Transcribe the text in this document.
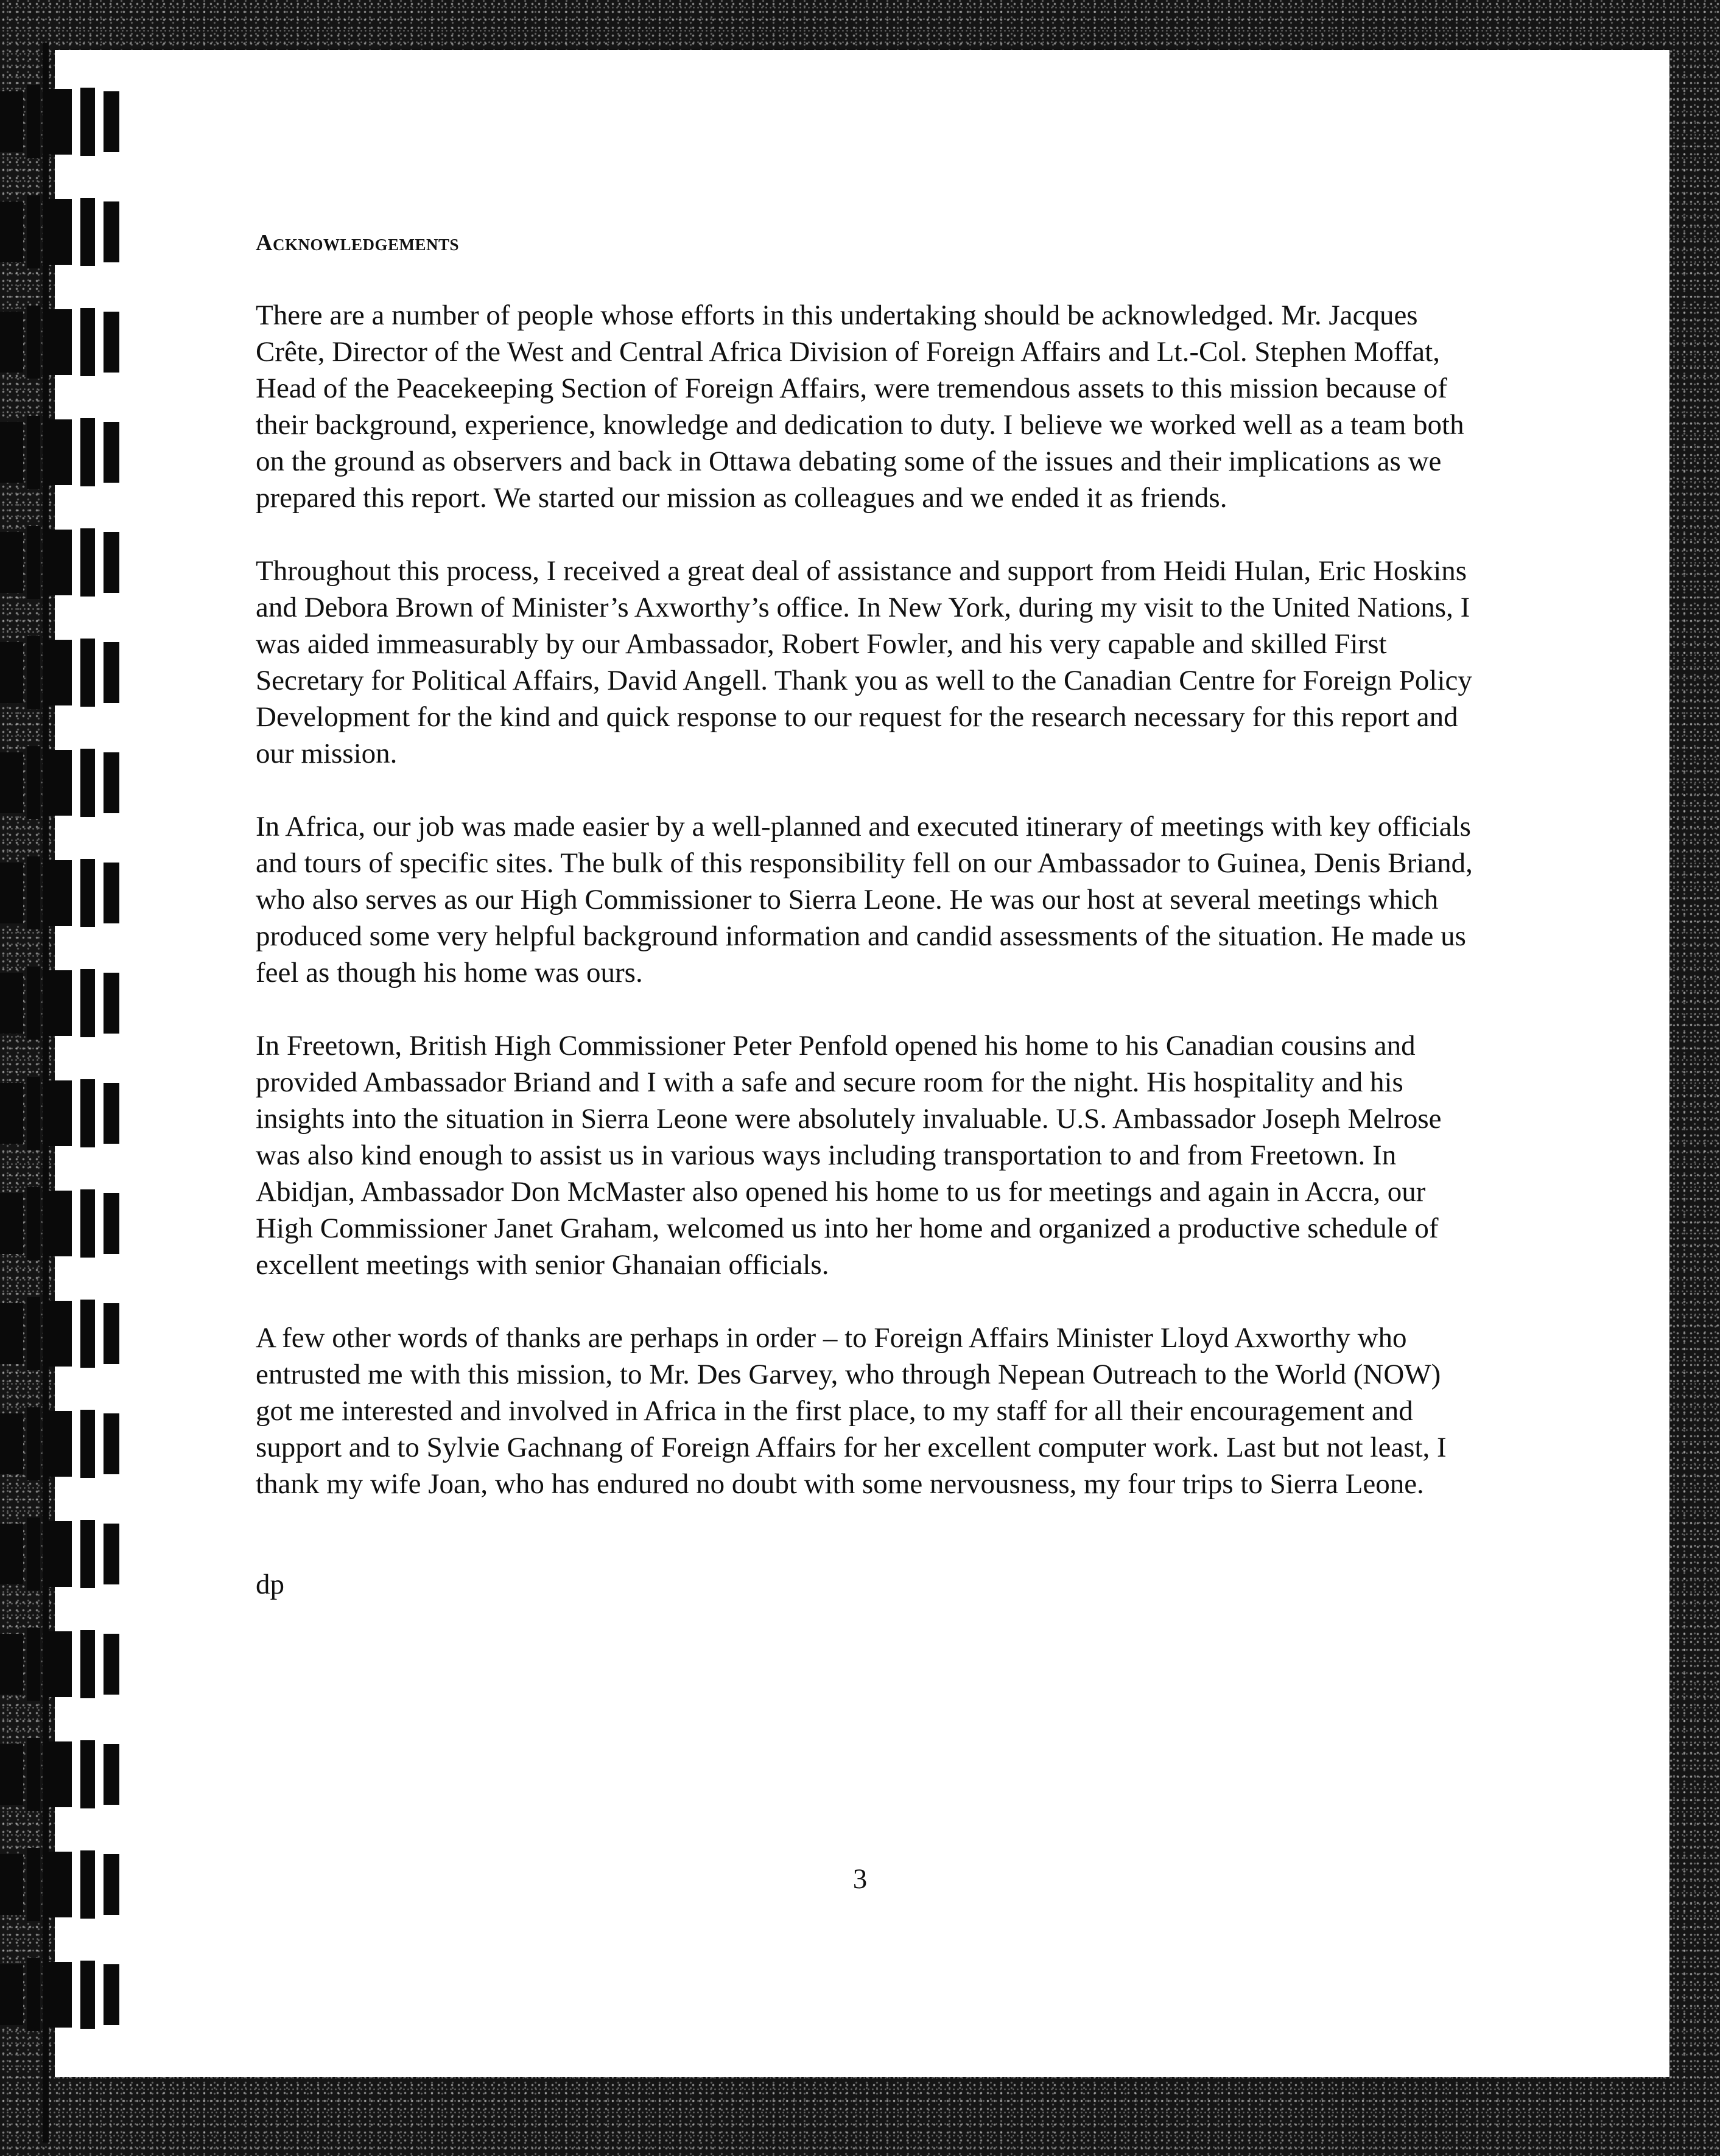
Acknowledgements

There are a number of people whose efforts in this undertaking should be acknowledged. Mr. Jacques Crête, Director of the West and Central Africa Division of Foreign Affairs and Lt.-Col. Stephen Moffat, Head of the Peacekeeping Section of Foreign Affairs, were tremendous assets to this mission because of their background, experience, knowledge and dedication to duty. I believe we worked well as a team both on the ground as observers and back in Ottawa debating some of the issues and their implications as we prepared this report. We started our mission as colleagues and we ended it as friends.

Throughout this process, I received a great deal of assistance and support from Heidi Hulan, Eric Hoskins and Debora Brown of Minister’s Axworthy’s office. In New York, during my visit to the United Nations, I was aided immeasurably by our Ambassador, Robert Fowler, and his very capable and skilled First Secretary for Political Affairs, David Angell. Thank you as well to the Canadian Centre for Foreign Policy Development for the kind and quick response to our request for the research necessary for this report and our mission.

In Africa, our job was made easier by a well-planned and executed itinerary of meetings with key officials and tours of specific sites. The bulk of this responsibility fell on our Ambassador to Guinea, Denis Briand, who also serves as our High Commissioner to Sierra Leone. He was our host at several meetings which produced some very helpful background information and candid assessments of the situation. He made us feel as though his home was ours.

In Freetown, British High Commissioner Peter Penfold opened his home to his Canadian cousins and provided Ambassador Briand and I with a safe and secure room for the night. His hospitality and his insights into the situation in Sierra Leone were absolutely invaluable. U.S. Ambassador Joseph Melrose was also kind enough to assist us in various ways including transportation to and from Freetown. In Abidjan, Ambassador Don McMaster also opened his home to us for meetings and again in Accra, our High Commissioner Janet Graham, welcomed us into her home and organized a productive schedule of excellent meetings with senior Ghanaian officials.

A few other words of thanks are perhaps in order – to Foreign Affairs Minister Lloyd Axworthy who entrusted me with this mission, to Mr. Des Garvey, who through Nepean Outreach to the World (NOW) got me interested and involved in Africa in the first place, to my staff for all their encouragement and support and to Sylvie Gachnang of Foreign Affairs for her excellent computer work. Last but not least, I thank my wife Joan, who has endured no doubt with some nervousness, my four trips to Sierra Leone.

dp
3
